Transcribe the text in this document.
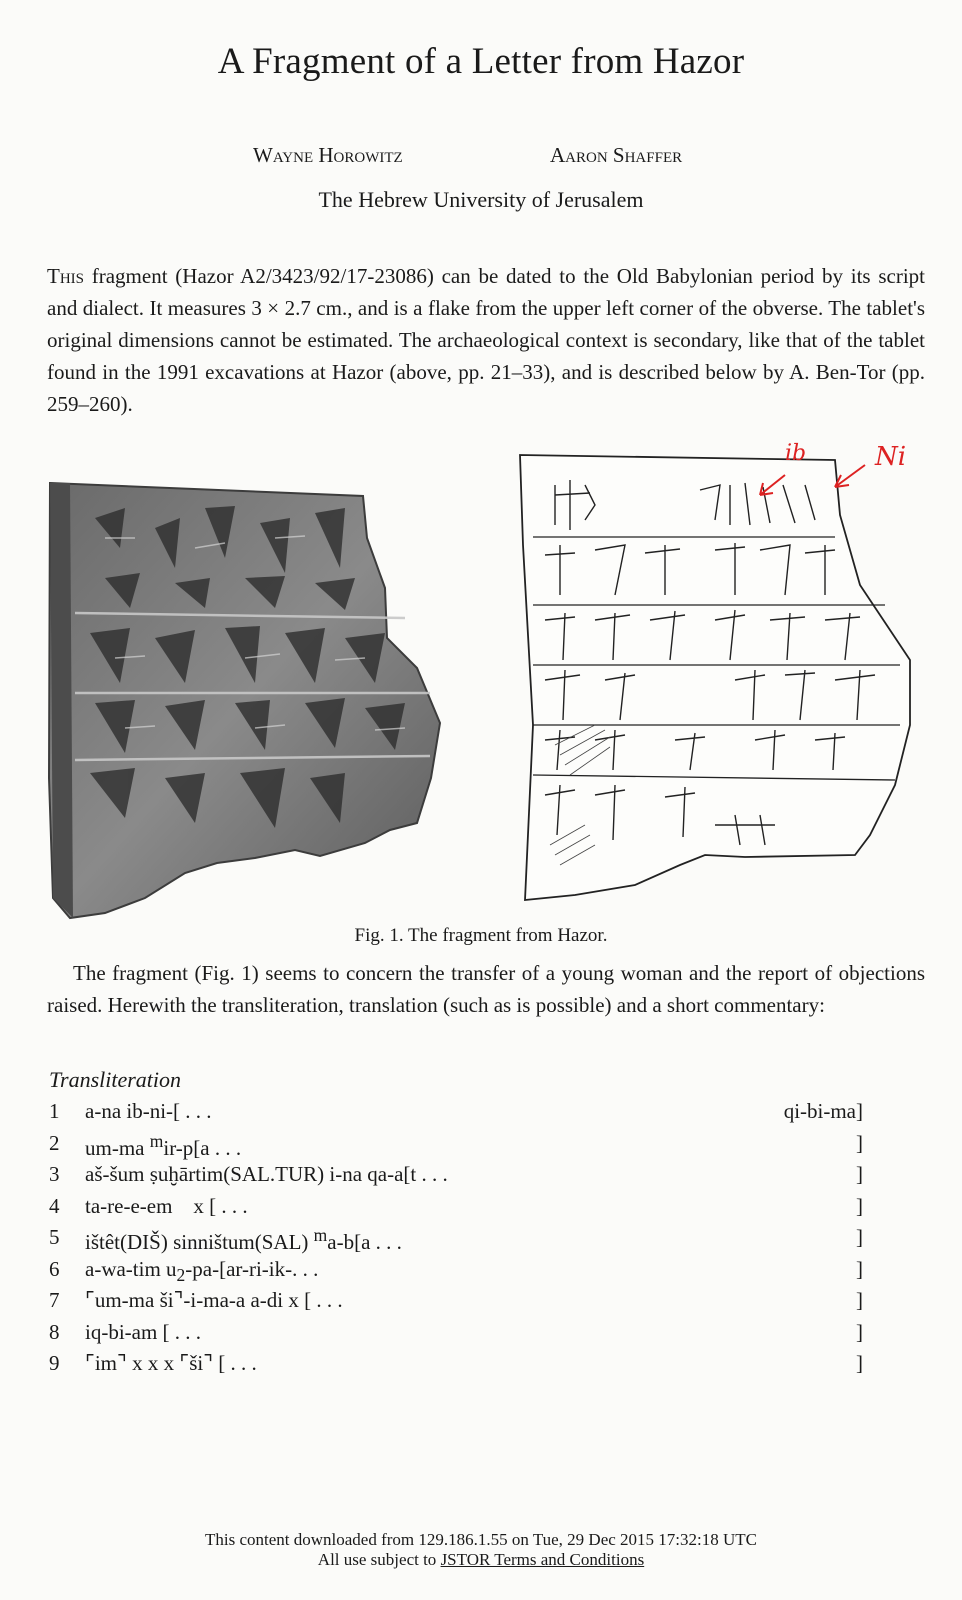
A Fragment of a Letter from Hazor
Wayne Horowitz	Aaron Shaffer
The Hebrew University of Jerusalem

This fragment (Hazor A2/3423/92/17-23086) can be dated to the Old Babylonian period by its script and dialect. It measures 3 × 2.7 cm., and is a flake from the upper left corner of the obverse. The tablet's original dimensions cannot be estimated. The archaeological context is secondary, like that of the tablet found in the 1991 excavations at Hazor (above, pp. 21–33), and is described below by A. Ben-Tor (pp. 259–260).

ib	Ni
Fig. 1. The fragment from Hazor.

The fragment (Fig. 1) seems to concern the transfer of a young woman and the report of objections raised. Herewith the transliteration, translation (such as is possible) and a short commentary:

Transliteration
1	a-na ib-ni-[ . . .	qi-bi-ma]
2	um-ma $^m$ir-p[a . . .	]
3	aš-šum ṣuḫārtim(SAL.TUR) i-na qa-a[t . . .	]
4	ta-re-e-em    x [ . . .	]
5	ištêt(DIŠ) sinništum(SAL) $^m$a-b[a . . .	]
6	a-wa-tim $u_2-pa-[ar-ri-ik-$. . .	]
7	⌜um-ma ši⌝-i-ma-a a-di x [ . . .	]
8	iq-bi-am [ . . .	]
9	⌜im⌝ x x x ⌜ši⌝ [ . . .	]
This content downloaded from 129.186.1.55 on Tue, 29 Dec 2015 17:32:18 UTC
All use subject to JSTOR Terms and Conditions
